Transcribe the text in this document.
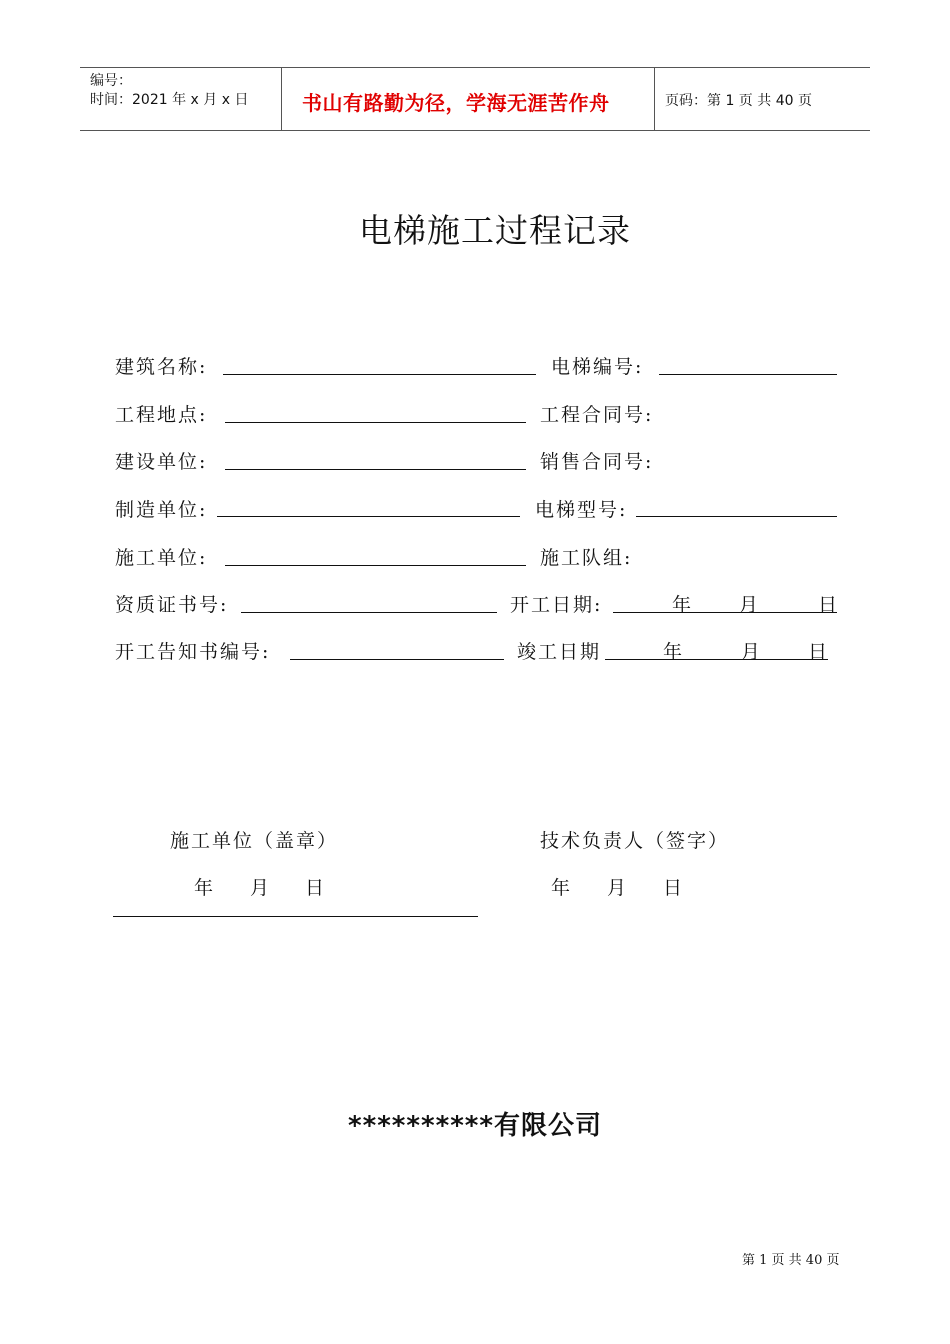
编号：
时间：2021 年 x 月 x 日	书山有路勤为径，学海无涯苦作舟	页码：第 1 页 共 40 页
电梯施工过程记录
建筑名称:	电梯编号:
工程地点:	工程合同号:
建设单位:	销售合同号:
制造单位:	电梯型号:
施工单位:	施工队组:
资质证书号:	开工日期:	年	月	日
开工告知书编号:	竣工日期	年	月	日
施工单位（盖章）	技术负责人（签字）
年 月 日	年 月 日
**********有限公司
第 1 页 共 40 页
